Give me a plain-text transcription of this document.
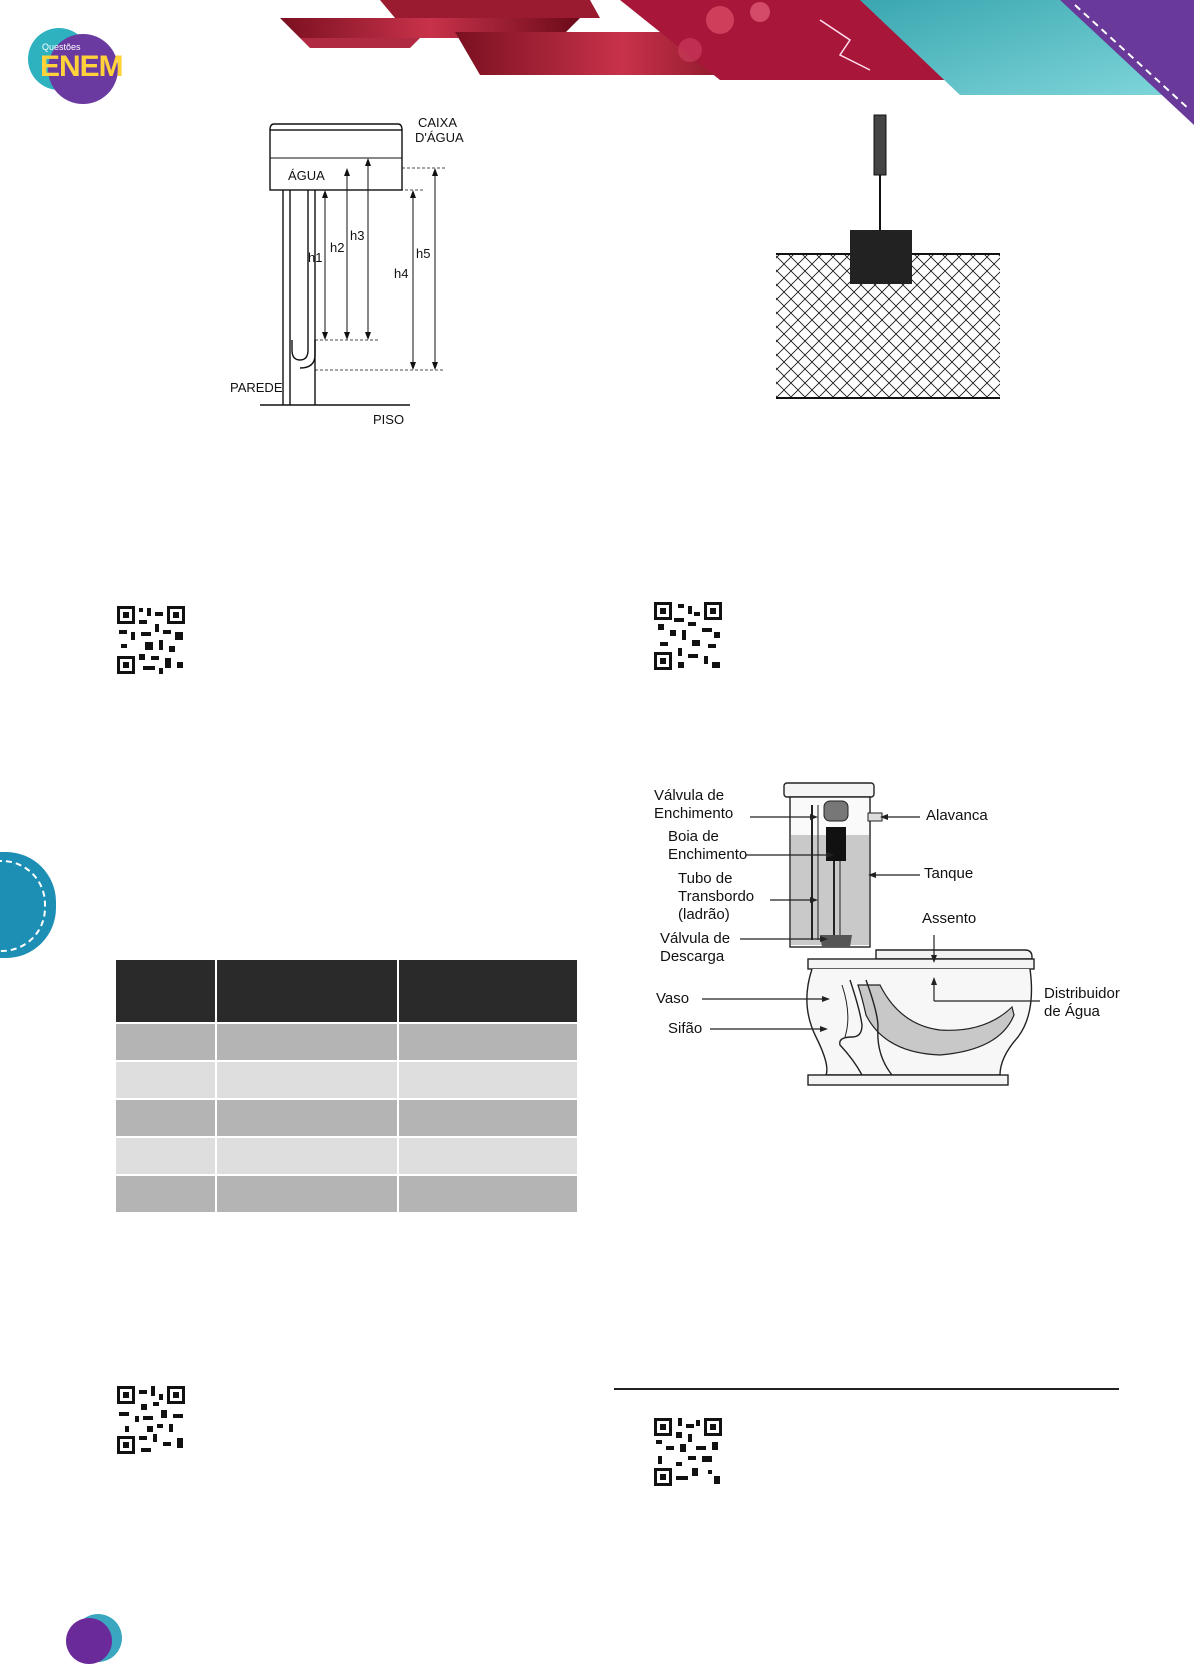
Questões
ENEM
CAIXA
D'ÁGUA
ÁGUA
h1
h2
h3
h4
h5
PAREDE
PISO

Válvula de
Enchimento
Boia de
Enchimento
Tubo de
Transbordo
(ladrão)
Válvula de
Descarga
Vaso
Sifão
Alavanca
Tanque
Assento
Distribuidor
de Água
